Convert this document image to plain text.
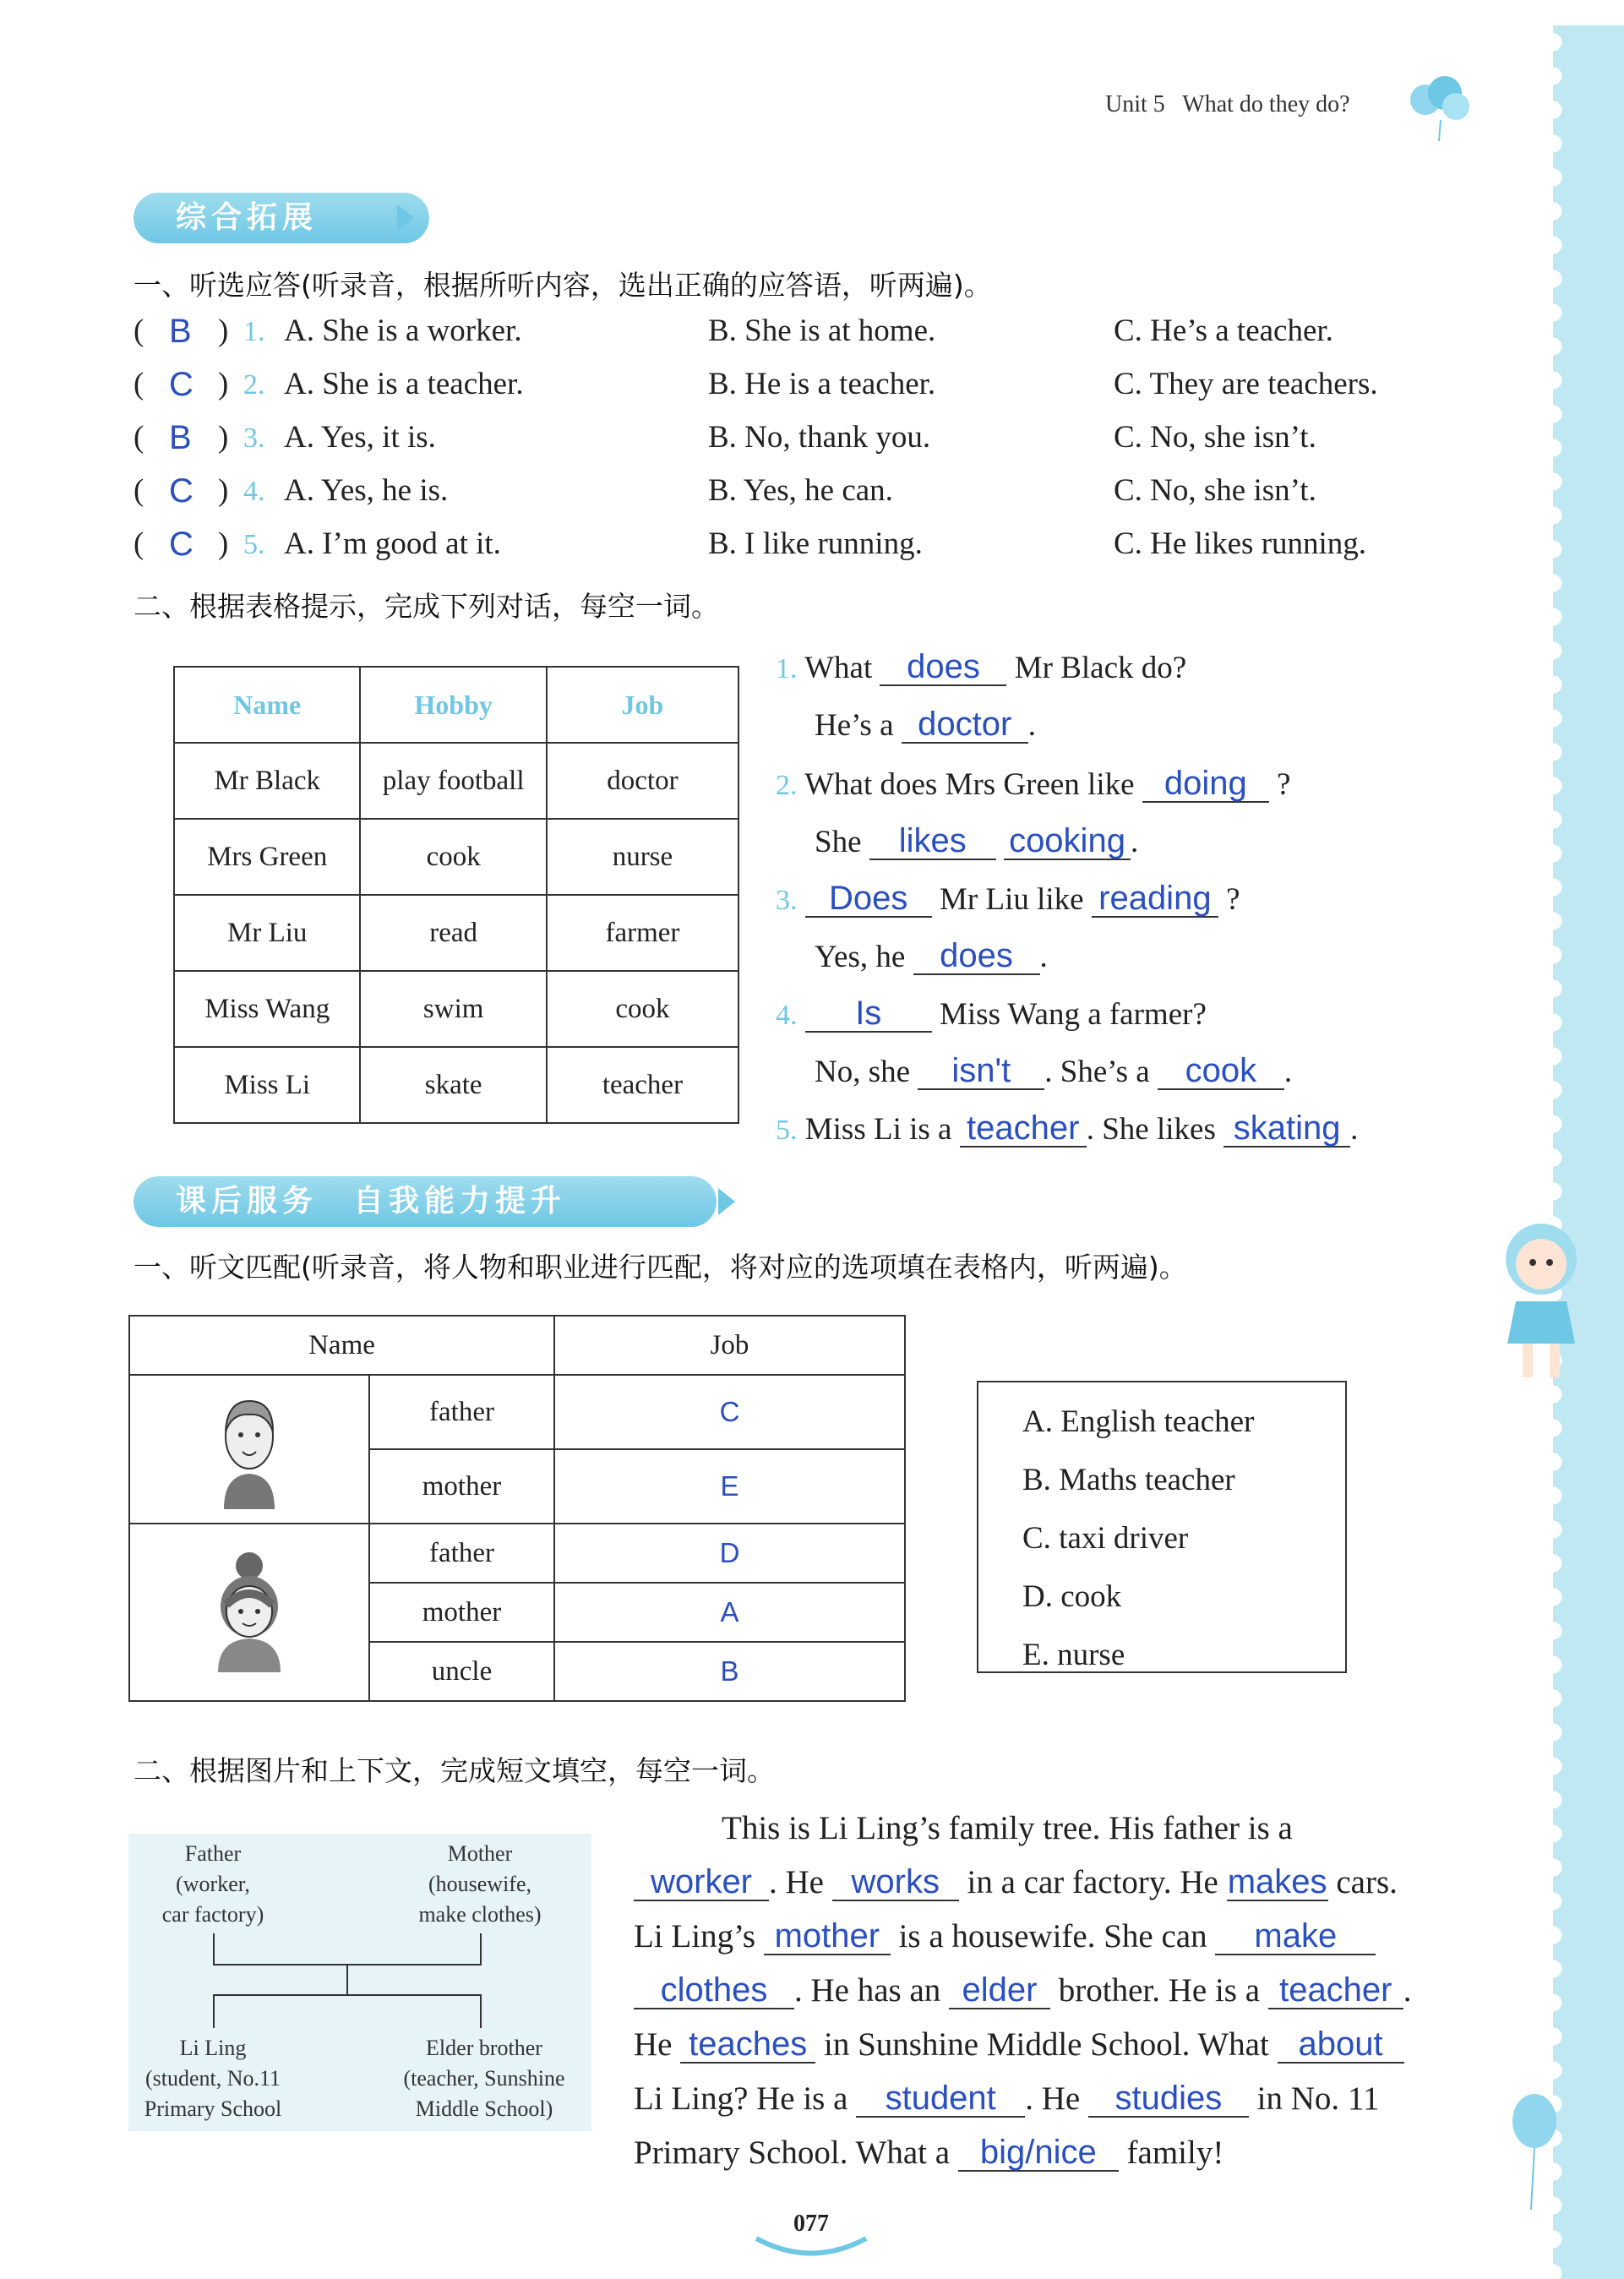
Unit 5 What do they do?
综合拓展
一、听选应答(听录音，根据所听内容，选出正确的应答语，听两遍)。
( B ) 1. A. She is a worker.	B. She is at home.	C. He’s a teacher.
( C ) 2. A. She is a teacher.	B. He is a teacher.	C. They are teachers.
( B ) 3. A. Yes, it is.	B. No, thank you.	C. No, she isn’t.
( C ) 4. A. Yes, he is.	B. Yes, he can.	C. No, she isn’t.
( C ) 5. A. I’m good at it.	B. I like running.	C. He likes running.
二、根据表格提示，完成下列对话，每空一词。
Name	Hobby	Job
Mr Black	play football	doctor
Mrs Green	cook	nurse
Mr Liu	read	farmer
Miss Wang	swim	cook
Miss Li	skate	teacher
1. What does Mr Black do?
He’s a doctor .
2. What does Mrs Green like doing ?
She likes cooking .
3. Does Mr Liu like reading ?
Yes, he does .
4. Is Miss Wang a farmer?
No, she isn't . She’s a cook .
5. Miss Li is a teacher . She likes skating .
课后服务　自我能力提升
一、听文匹配(听录音，将人物和职业进行匹配，将对应的选项填在表格内，听两遍)。
Name		Job
	father	C
	mother	E
	father	D
	mother	A
	uncle	B
A. English teacher
B. Maths teacher
C. taxi driver
D. cook
E. nurse
二、根据图片和上下文，完成短文填空，每空一词。
Father
(worker,
car factory)
Mother
(housewife,
make clothes)
Li Ling
(student, No.11
Primary School
Elder brother
(teacher, Sunshine
Middle School)
This is Li Ling’s family tree. His father is a
worker . He works in a car factory. He makes cars.
Li Ling’s mother is a housewife. She can make
clothes . He has an elder brother. He is a teacher .
He teaches in Sunshine Middle School. What about
Li Ling? He is a student . He studies in No. 11
Primary School. What a big/nice family!
077
